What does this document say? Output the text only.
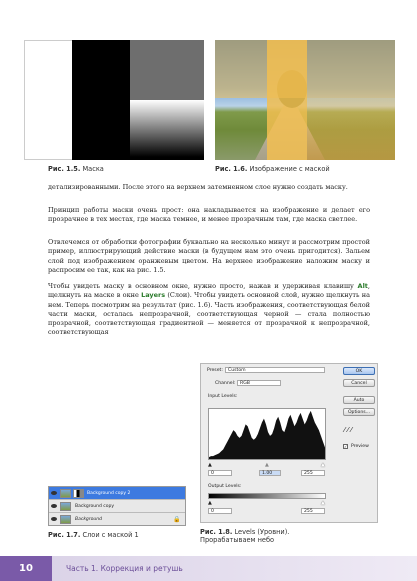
Рис. 1.5. Маска	Рис. 1.6. Изображение с маской

детализированными. После этого на верхнем затемненном слое нужно создать маску.

Принцип работы маски очень прост: она накладывается на изображение и делает его прозрачнее в тех местах, где маска темнее, и менее прозрачным там, где маска светлее.

Отвлечемся от обработки фотографии буквально на несколько минут и рассмотрим простой пример, иллюстрирующий действие маски (в будущем нам это очень пригодится). Зальем слой под изображением оранжевым цветом. На верхнее изображение наложим маску и распросим ее так, как на рис. 1.5.

Чтобы увидеть маску в основном окне, нужно просто, нажав и удерживая клавишу Alt, щелкнуть на маске в окне Layers (Слои). Чтобы увидеть основной слой, нужно щелкнуть на нем. Теперь посмотрим на результат (рис. 1.6). Часть изображения, соответствующая белой части маски, осталась непрозрачной, соответствующая черной — стала полностью прозрачной, соответствующая градиентной — меняется от прозрачной к непрозрачной, соответствующая

Preset:	Custom
Channel: RGB
Input Levels:
▲	▲	▲
0	1.00	255
Output Levels:
▲	▲
0	255
OK
Cancel
Auto
Options...
⁄ ⁄ ⁄
✓ Preview
Background copy 2
Background copy
Background	🔒
Рис. 1.7. Слои с маской 1	Рис. 1.8. Levels (Уровни).
Прорабатываем небо
10	Часть 1. Коррекция и ретушь
